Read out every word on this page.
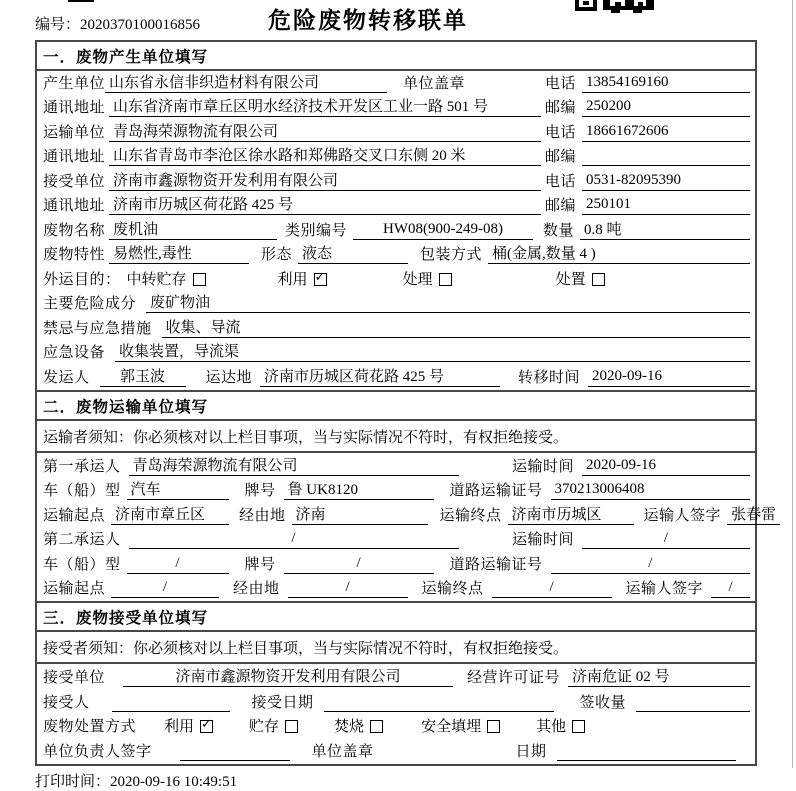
编号：2020370100016856	危险废物转移联单
一．废物产生单位填写
产生单位 山东省永信非织造材料有限公司	单位盖章	电话 13854169160
通讯地址 山东省济南市章丘区明水经济技术开发区工业一路 501 号	邮编 250200
运输单位 青岛海荣源物流有限公司	电话 18661672606
通讯地址 山东省青岛市李沧区徐水路和郑佛路交叉口东侧 20 米	邮编
接受单位 济南市鑫源物资开发利用有限公司	电话 0531-82095390
通讯地址 济南市历城区荷花路 425 号	邮编 250101
废物名称 废机油	类别编号	HW08(900-249-08)	数量 0.8 吨
废物特性 易燃性,毒性	形态 液态	包装方式 桶(金属,数量 4 )
外运目的： 中转贮存	利用 ✓	处理	处置
主要危险成分 废矿物油
禁忌与应急措施 收集、导流
应急设备 收集装置，导流渠
发运人	郭玉波	运达地 济南市历城区荷花路 425 号	转移时间 2020-09-16
二．废物运输单位填写
运输者须知：你必须核对以上栏目事项，当与实际情况不符时，有权拒绝接受。
第一承运人 青岛海荣源物流有限公司	运输时间 2020-09-16
车（船）型 汽车	牌号 鲁 UK8120	道路运输证号 370213006408
运输起点 济南市章丘区	经由地 济南	运输终点 济南市历城区	运输人签字 张春雷
第二承运人	/	运输时间	/
车（船）型	/	牌号	/	道路运输证号	/
运输起点	/	经由地	/	运输终点	/	运输人签字	/
三．废物接受单位填写
接受者须知：你必须核对以上栏目事项，当与实际情况不符时，有权拒绝接受。
接受单位	济南市鑫源物资开发利用有限公司	经营许可证号 济南危证 02 号
接受人	接受日期	签收量
废物处置方式 利用 ✓ 贮存	焚烧	安全填埋	其他
单位负责人签字	单位盖章	日期
打印时间：2020-09-16 10:49:51
